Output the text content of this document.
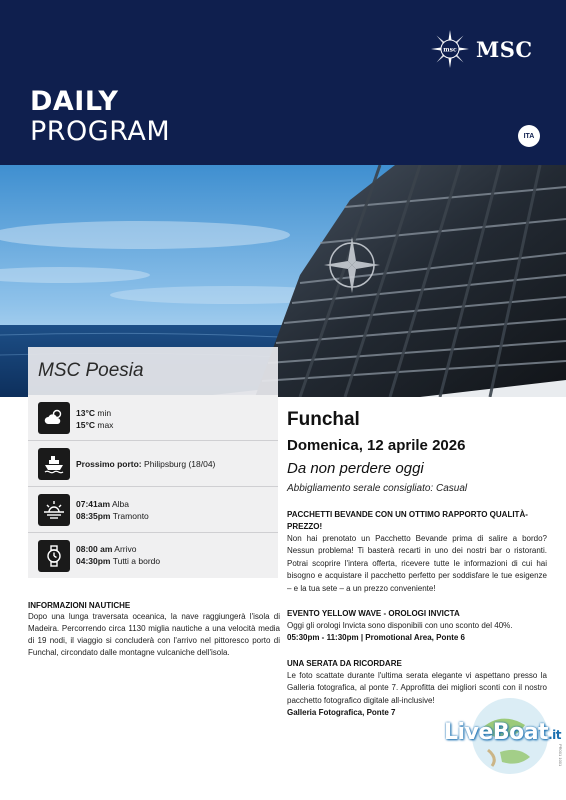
msc MSC
DAILY
PROGRAM	ITA
MSC Poesia
13°C min
15°C max
Prossimo porto: Philipsburg (18/04)
07:41am Alba
08:35pm Tramonto
08:00 am Arrivo
04:30pm Tutti a bordo
INFORMAZIONI NAUTICHE
Dopo una lunga traversata oceanica, la nave raggiungerà l'isola di Madeira. Percorrendo circa 1130 miglia nautiche a una velocità media di 19 nodi, il viaggio si concluderà con l'arrivo nel pittoresco porto di Funchal, circondato dalle montagne vulcaniche dell'isola.
Funchal
Domenica, 12 aprile 2026
Da non perdere oggi
Abbigliamento serale consigliato: Casual
PACCHETTI BEVANDE CON UN OTTIMO RAPPORTO QUALITÀ-PREZZO!
Non hai prenotato un Pacchetto Bevande prima di salire a bordo? Nessun problema! Ti basterà recarti in uno dei nostri bar o ristoranti. Potrai scoprire l'intera offerta, ricevere tutte le informazioni di cui hai bisogno e acquistare il pacchetto perfetto per soddisfare le tue esigenze – e la tua sete – a un prezzo conveniente!
EVENTO YELLOW WAVE - OROLOGI INVICTA
Oggi gli orologi Invicta sono disponibili con uno sconto del 40%.
05:30pm - 11:30pm | Promotional Area, Ponte 6
UNA SERATA DA RICORDARE
Le foto scattate durante l'ultima serata elegante vi aspettano presso la Galleria fotografica, al ponte 7. Approfitta dei migliori sconti con il nostro pacchetto fotografico digitale all-inclusive!
Galleria Fotografica, Ponte 7
LiveBoat.it
PR001 1001
